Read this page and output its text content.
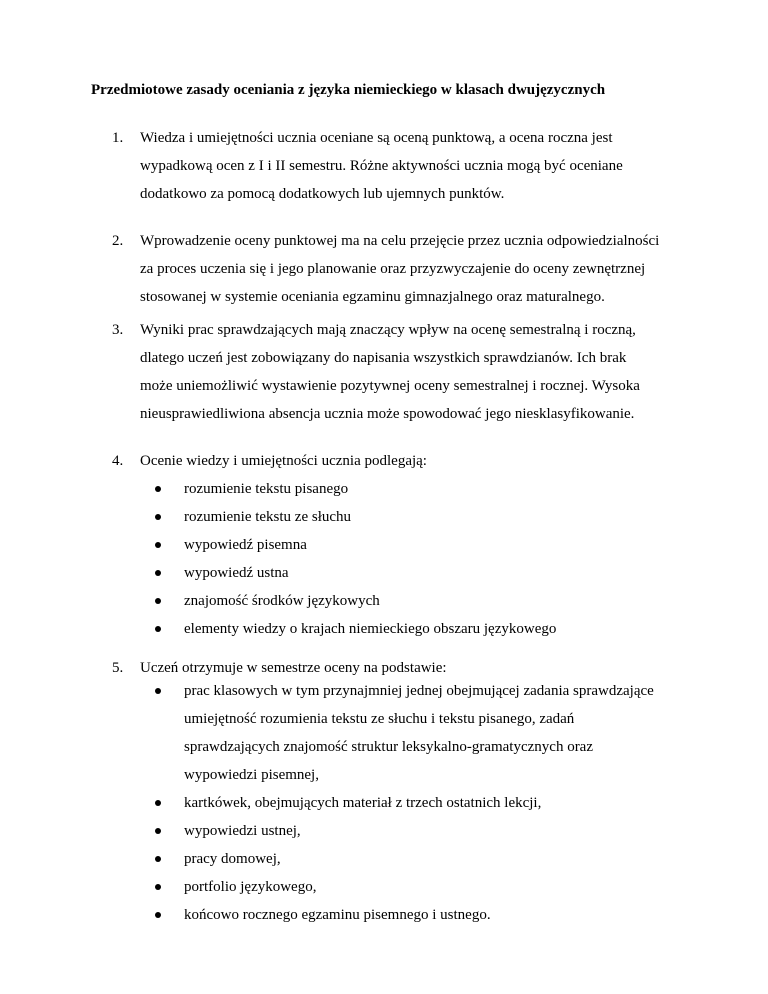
Przedmiotowe zasady oceniania z języka niemieckiego w klasach dwujęzycznych
1.	Wiedza i umiejętności ucznia oceniane są oceną punktową, a ocena roczna jest
wypadkową ocen z I i II semestru. Różne aktywności ucznia mogą być oceniane
dodatkowo za pomocą dodatkowych lub ujemnych punktów.
2.	Wprowadzenie oceny punktowej ma na celu przejęcie przez ucznia odpowiedzialności
za proces uczenia się i jego planowanie oraz przyzwyczajenie do oceny zewnętrznej
stosowanej w systemie oceniania egzaminu gimnazjalnego oraz maturalnego.
3.	Wyniki prac sprawdzających mają znaczący wpływ na ocenę semestralną i roczną,
dlatego uczeń jest zobowiązany do napisania wszystkich sprawdzianów. Ich brak
może uniemożliwić wystawienie pozytywnej oceny semestralnej i rocznej. Wysoka
nieusprawiedliwiona absencja ucznia może spowodować jego niesklasyfikowanie.
4.	Ocenie wiedzy i umiejętności ucznia podlegają:
rozumienie tekstu pisanego
rozumienie tekstu ze słuchu
wypowiedź pisemna
wypowiedź ustna
znajomość środków językowych
elementy wiedzy o krajach niemieckiego obszaru językowego
5.	Uczeń otrzymuje w semestrze oceny na podstawie:
prac klasowych w tym przynajmniej jednej obejmującej zadania sprawdzające
umiejętność rozumienia tekstu ze słuchu i tekstu pisanego, zadań
sprawdzających znajomość struktur leksykalno-gramatycznych oraz
wypowiedzi pisemnej,
kartkówek, obejmujących materiał z trzech ostatnich lekcji,
wypowiedzi ustnej,
pracy domowej,
portfolio językowego,
końcowo rocznego egzaminu pisemnego i ustnego.
